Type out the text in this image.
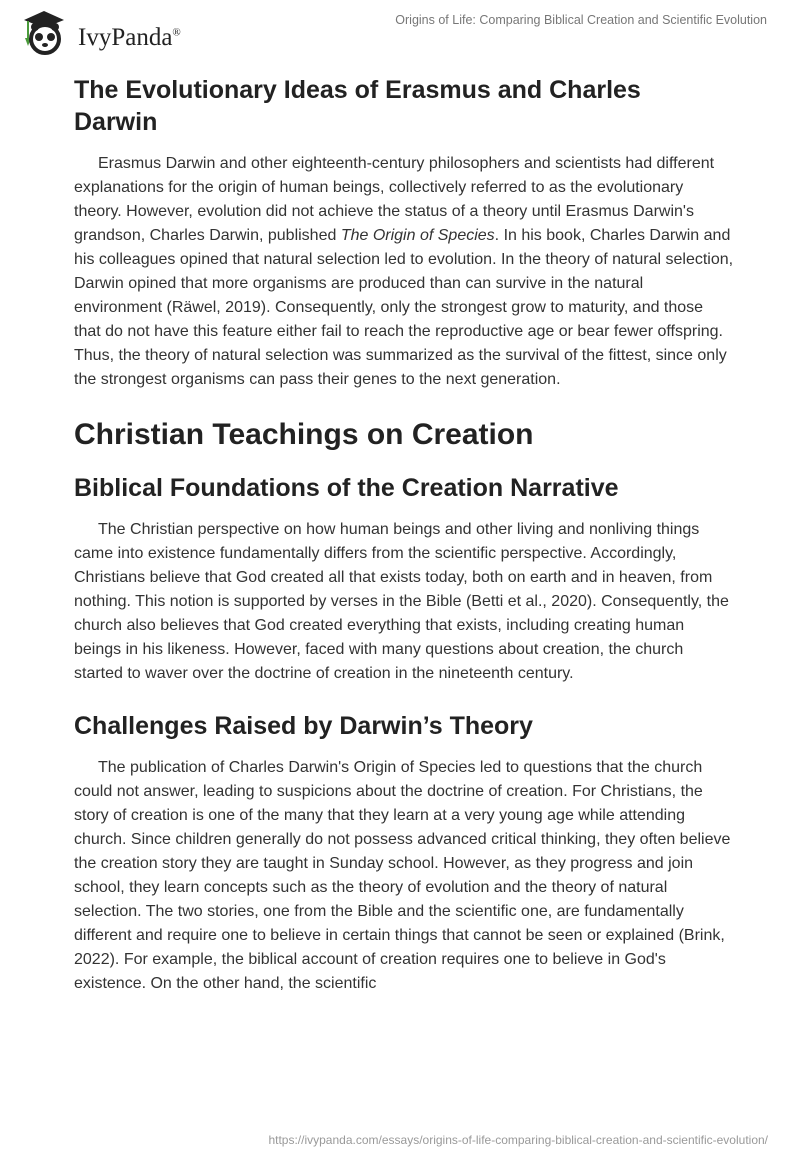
IvyPanda®
Origins of Life: Comparing Biblical Creation and Scientific Evolution
The Evolutionary Ideas of Erasmus and Charles Darwin

Erasmus Darwin and other eighteenth-century philosophers and scientists had different explanations for the origin of human beings, collectively referred to as the evolutionary theory. However, evolution did not achieve the status of a theory until Erasmus Darwin's grandson, Charles Darwin, published The Origin of Species. In his book, Charles Darwin and his colleagues opined that natural selection led to evolution. In the theory of natural selection, Darwin opined that more organisms are produced than can survive in the natural environment (Räwel, 2019). Consequently, only the strongest grow to maturity, and those that do not have this feature either fail to reach the reproductive age or bear fewer offspring. Thus, the theory of natural selection was summarized as the survival of the fittest, since only the strongest organisms can pass their genes to the next generation.

Christian Teachings on Creation
Biblical Foundations of the Creation Narrative

The Christian perspective on how human beings and other living and nonliving things came into existence fundamentally differs from the scientific perspective. Accordingly, Christians believe that God created all that exists today, both on earth and in heaven, from nothing. This notion is supported by verses in the Bible (Betti et al., 2020). Consequently, the church also believes that God created everything that exists, including creating human beings in his likeness. However, faced with many questions about creation, the church started to waver over the doctrine of creation in the nineteenth century.

Challenges Raised by Darwin’s Theory

The publication of Charles Darwin's Origin of Species led to questions that the church could not answer, leading to suspicions about the doctrine of creation. For Christians, the story of creation is one of the many that they learn at a very young age while attending church. Since children generally do not possess advanced critical thinking, they often believe the creation story they are taught in Sunday school. However, as they progress and join school, they learn concepts such as the theory of evolution and the theory of natural selection. The two stories, one from the Bible and the scientific one, are fundamentally different and require one to believe in certain things that cannot be seen or explained (Brink, 2022). For example, the biblical account of creation requires one to believe in God's existence. On the other hand, the scientific

https://ivypanda.com/essays/origins-of-life-comparing-biblical-creation-and-scientific-evolution/
